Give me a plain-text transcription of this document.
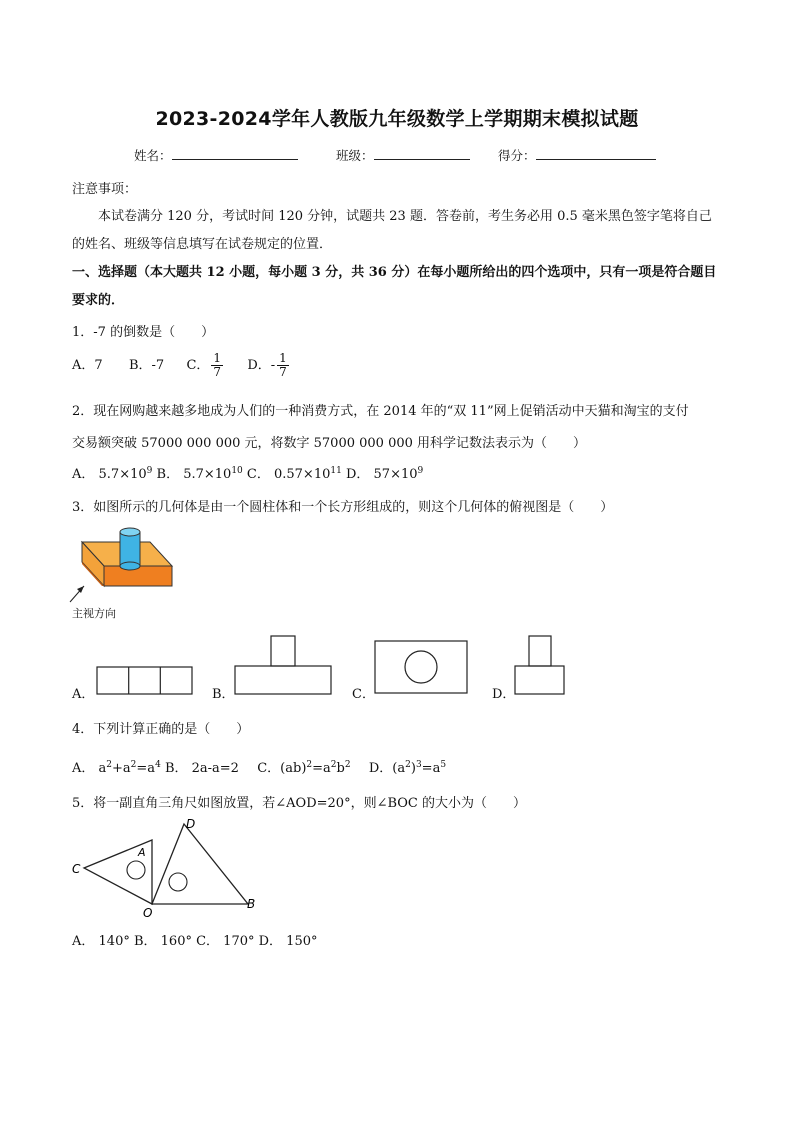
2023-2024学年人教版九年级数学上学期期末模拟试题
姓名：	班级：	得分：
注意事项：
本试卷满分 120 分，考试时间 120 分钟，试题共 23 题．答卷前，考生务必用 0.5 毫米黑色签字笔将自己的姓名、班级等信息填写在试卷规定的位置．
一、选择题（本大题共 12 小题，每小题 3 分，共 36 分）在每小题所给出的四个选项中，只有一项是符合题目要求的．
1．-7 的倒数是（　　）
A．7 B．-7 C． $\frac{1}{7}$ D．- $\frac{1}{7}$
2．现在网购越来越多地成为人们的一种消费方式，在 2014 年的“双 11”网上促销活动中天猫和淘宝的支付
交易额突破 57000 000 000 元，将数字 57000 000 000 用科学记数法表示为（　　）
A． $5.7\times 10^9$ B． $5.7\times 10^{10}$ C． $0.57\times 10^{11}$ D． $57\times 10^9$
3．如图所示的几何体是由一个圆柱体和一个长方形组成的，则这个几何体的俯视图是（　　）
主视方向
A．	B．	C．	D．
4．下列计算正确的是（　　）
A． $a^2+a^2=a^4$ B． 2a-a=2 C．$(ab)^2=a^2b^2$ D．$(a^2)^3=a^5$
5．将一副直角三角尺如图放置，若∠AOD=20°，则∠BOC 的大小为（　　）
C
A
D
O
B
A． 140° B． 160° C． 170° D． 150°
